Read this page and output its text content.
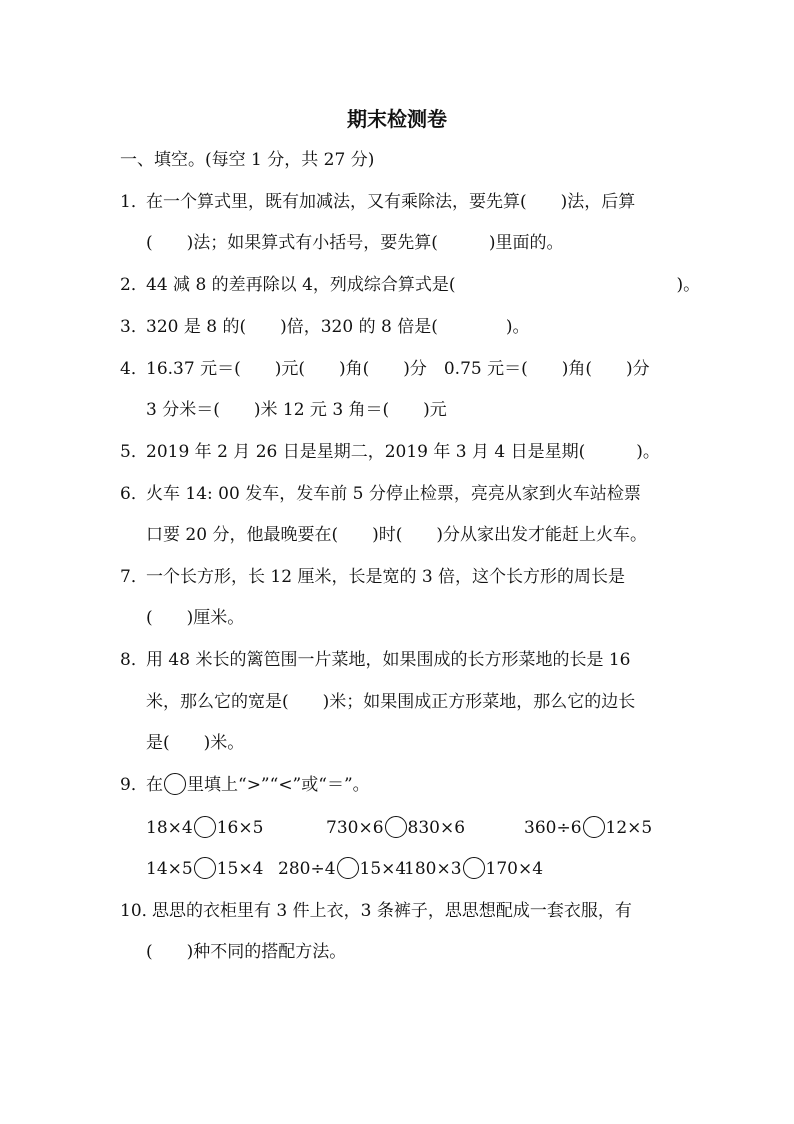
期末检测卷
一、填空。(每空 1 分，共 27 分)
1．
在一个算式里，既有加减法，又有乘除法，要先算(　　)法，后算
(　　)法；如果算式有小括号，要先算(　　　)里面的。
2．
44 减 8 的差再除以 4，列成综合算式是(　　　　　　　　　　　　　)。
3．
320 是 8 的(　　)倍，320 的 8 倍是(　　　　)。
4．
16.37 元＝(　　)元(　　)角(　　)分　0.75 元＝(　　)角(　　)分
3 分米＝(　　)米 12 元 3 角＝(　　)元
5．
2019 年 2 月 26 日是星期二，2019 年 3 月 4 日是星期(　　　)。
6．
火车 14: 00 发车，发车前 5 分停止检票，亮亮从家到火车站检票
口要 20 分，他最晚要在(　　)时(　　)分从家出发才能赶上火车。
7．
一个长方形，长 12 厘米，长是宽的 3 倍，这个长方形的周长是
(　　)厘米。
8．
用 48 米长的篱笆围一片菜地，如果围成的长方形菜地的长是 16
米，那么它的宽是(　　)米；如果围成正方形菜地，那么它的边长
是(　　)米。
9．
在 里填上“>”“<”或“＝”。
18×4 16×5	730×6 830×6	360÷6 12×5
14×5 15×4 280÷4 15×4
180×3 170×4
10．
思思的衣柜里有 3 件上衣，3 条裤子，思思想配成一套衣服，有
(　　)种不同的搭配方法。
